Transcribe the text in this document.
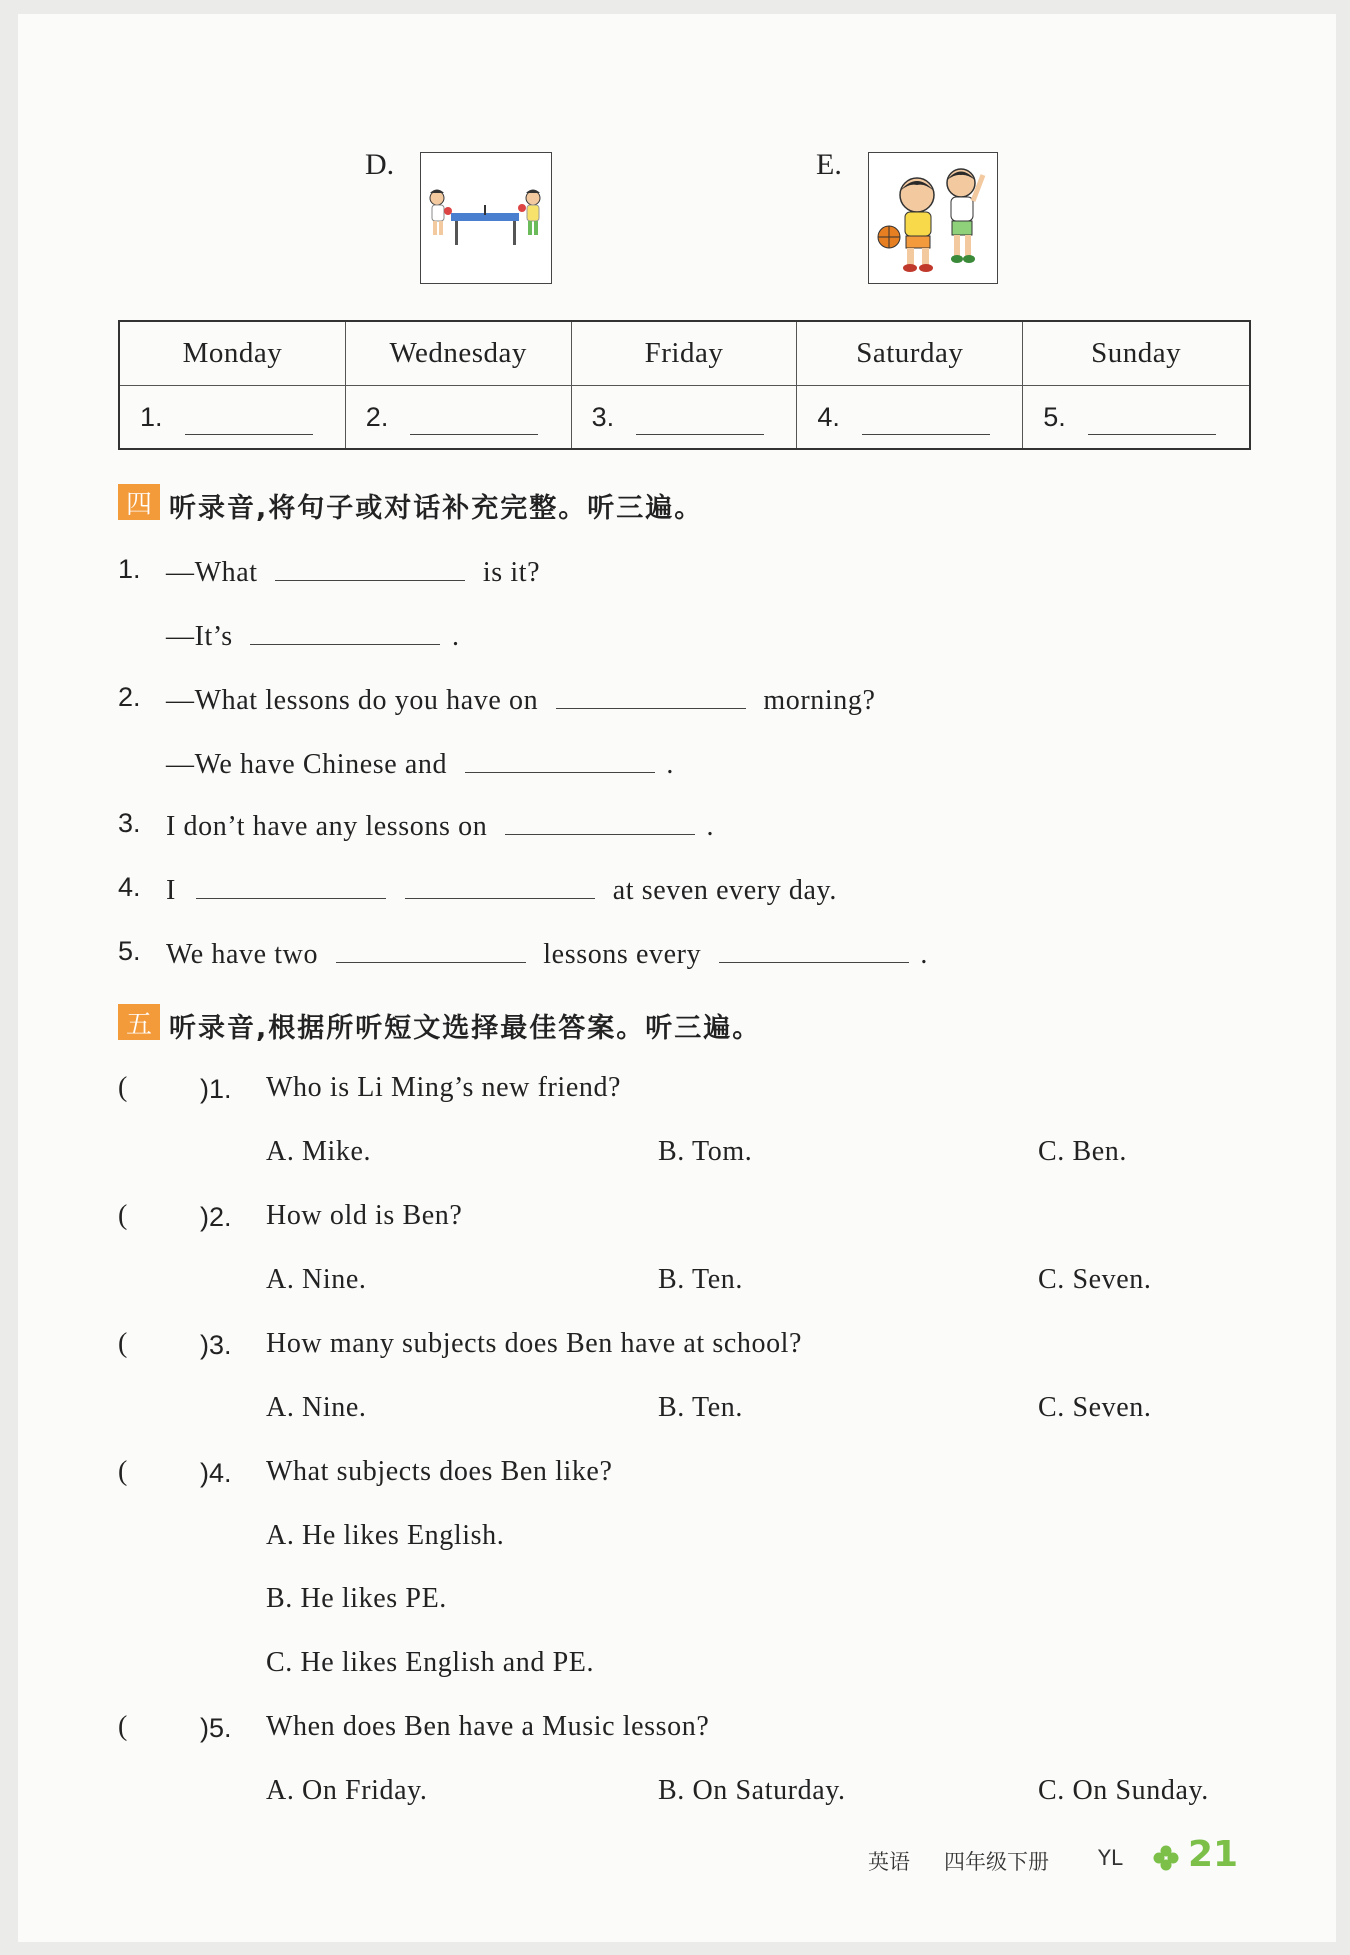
D.	E.
Monday	Wednesday	Friday	Saturday	Sunday
1.	2.	3.	4.	5.
四 听录音,将句子或对话补充完整。听三遍。
1. —What	is it?
—It’s	.
2. —What lessons do you have on	morning?
—We have Chinese and	.
3. I don’t have any lessons on	.
4. I	at seven every day.
5. We have two	lessons every	.
五 听录音,根据所听短文选择最佳答案。听三遍。
(	)1. Who is Li Ming’s new friend?
A. Mike.	B. Tom.	C. Ben.
(	)2. How old is Ben?
A. Nine.	B. Ten.	C. Seven.
(	)3. How many subjects does Ben have at school?
A. Nine.	B. Ten.	C. Seven.
(	)4. What subjects does Ben like?
A. He likes English.
B. He likes PE.
C. He likes English and PE.
(	)5. When does Ben have a Music lesson?
A. On Friday.	B. On Saturday.	C. On Sunday.
英语 四年级下册 YL 21
